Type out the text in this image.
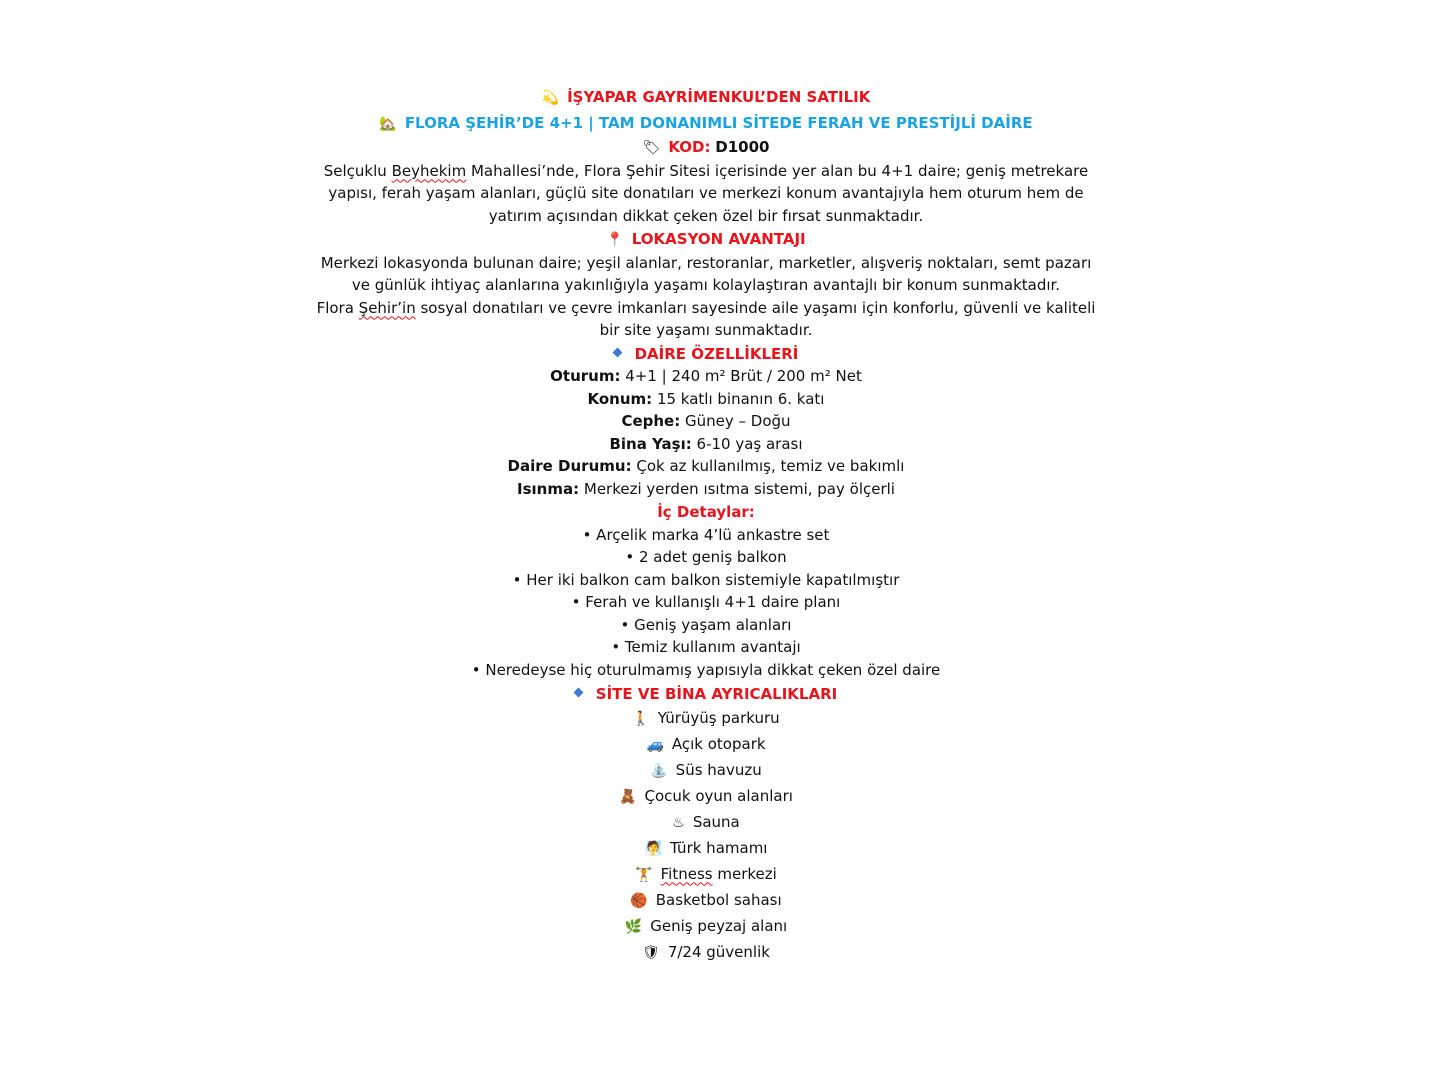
💫 İŞYAPAR GAYRİMENKUL’DEN SATILIK

🏡 FLORA ŞEHİR’DE 4+1 | TAM DONANIMLI SİTEDE FERAH VE PRESTİJLİ DAİRE

🏷 KOD: D1000

Selçuklu Beyhekim Mahallesi’nde, Flora Şehir Sitesi içerisinde yer alan bu 4+1 daire; geniş metrekare yapısı, ferah yaşam alanları, güçlü site donatıları ve merkezi konum avantajıyla hem oturum hem de yatırım açısından dikkat çeken özel bir fırsat sunmaktadır.

📍 LOKASYON AVANTAJI

Merkezi lokasyonda bulunan daire; yeşil alanlar, restoranlar, marketler, alışveriş noktaları, semt pazarı ve günlük ihtiyaç alanlarına yakınlığıyla yaşamı kolaylaştıran avantajlı bir konum sunmaktadır.

Flora Şehir’in sosyal donatıları ve çevre imkanları sayesinde aile yaşamı için konforlu, güvenli ve kaliteli bir site yaşamı sunmaktadır.

DAİRE ÖZELLİKLERİ

Oturum: 4+1 | 240 m² Brüt / 200 m² Net

Konum: 15 katlı binanın 6. katı

Cephe: Güney – Doğu

Bina Yaşı: 6-10 yaş arası

Daire Durumu: Çok az kullanılmış, temiz ve bakımlı

Isınma: Merkezi yerden ısıtma sistemi, pay ölçerli

İç Detaylar:

• Arçelik marka 4’lü ankastre set

• 2 adet geniş balkon

• Her iki balkon cam balkon sistemiyle kapatılmıştır

• Ferah ve kullanışlı 4+1 daire planı

• Geniş yaşam alanları

• Temiz kullanım avantajı

• Neredeyse hiç oturulmamış yapısıyla dikkat çeken özel daire

SİTE VE BİNA AYRICALIKLARI

🚶 Yürüyüş parkuru

🚙 Açık otopark

⛲ Süs havuzu

🧸 Çocuk oyun alanları

♨ Sauna

🧖 Türk hamamı

🏋 Fitness merkezi

🏀 Basketbol sahası

🌿 Geniş peyzaj alanı

🛡 7/24 güvenlik
